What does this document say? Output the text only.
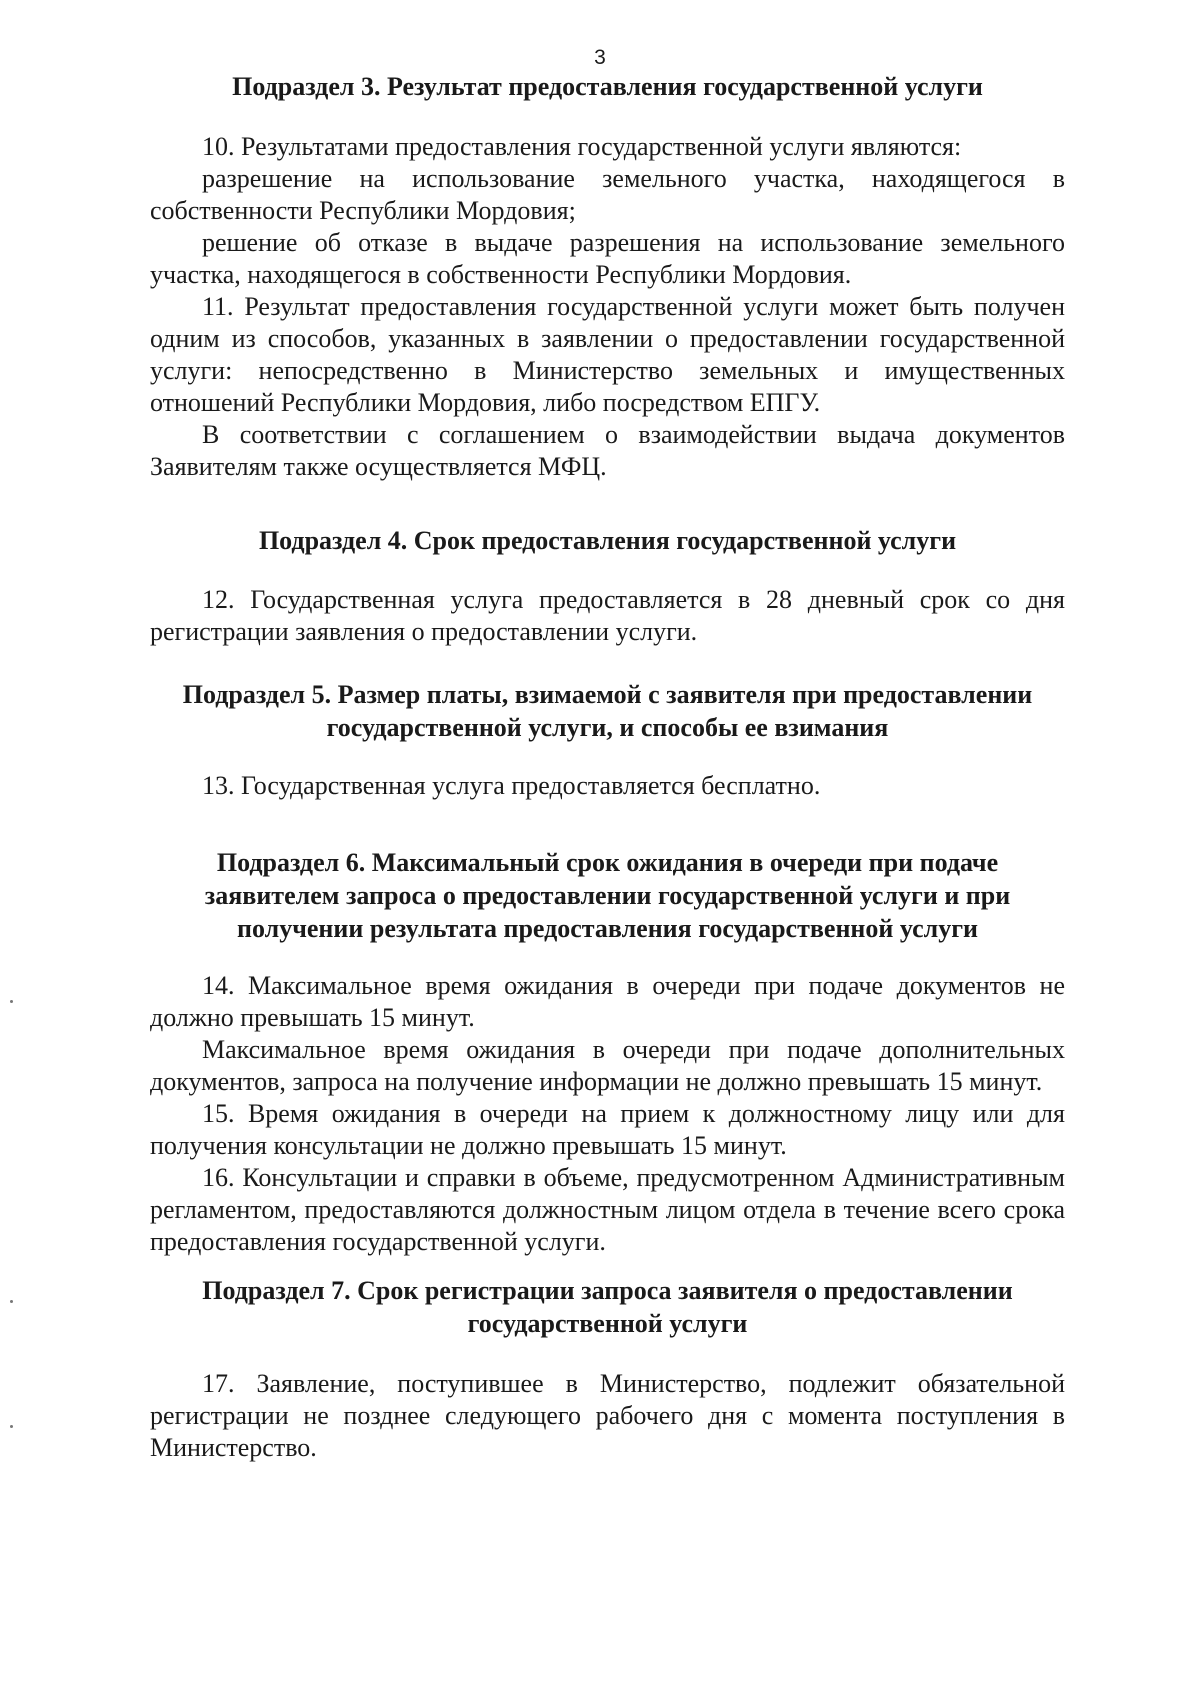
3
Подраздел 3. Результат предоставления государственной услуги

10. Результатами предоставления государственной услуги являются:

разрешение на использование земельного участка, находящегося в собственности Республики Мордовия;

решение об отказе в выдаче разрешения на использование земельного участка, находящегося в собственности Республики Мордовия.

11. Результат предоставления государственной услуги может быть получен одним из способов, указанных в заявлении о предоставлении государственной услуги: непосредственно в Министерство земельных и имущественных отношений Республики Мордовия, либо посредством ЕПГУ.

В соответствии с соглашением о взаимодействии выдача документов Заявителям также осуществляется МФЦ.

Подраздел 4. Срок предоставления государственной услуги

12. Государственная услуга предоставляется в 28 дневный срок со дня регистрации заявления о предоставлении услуги.

Подраздел 5. Размер платы, взимаемой с заявителя при предоставлении государственной услуги, и способы ее взимания

13. Государственная услуга предоставляется бесплатно.

Подраздел 6. Максимальный срок ожидания в очереди при подаче заявителем запроса о предоставлении государственной услуги и при получении результата предоставления государственной услуги

14. Максимальное время ожидания в очереди при подаче документов не должно превышать 15 минут.

Максимальное время ожидания в очереди при подаче дополнительных документов, запроса на получение информации не должно превышать 15 минут.

15. Время ожидания в очереди на прием к должностному лицу или для получения консультации не должно превышать 15 минут.

16. Консультации и справки в объеме, предусмотренном Административным регламентом, предоставляются должностным лицом отдела в течение всего срока предоставления государственной услуги.

Подраздел 7. Срок регистрации запроса заявителя о предоставлении государственной услуги

17. Заявление, поступившее в Министерство, подлежит обязательной регистрации не позднее следующего рабочего дня с момента поступления в Министерство.
